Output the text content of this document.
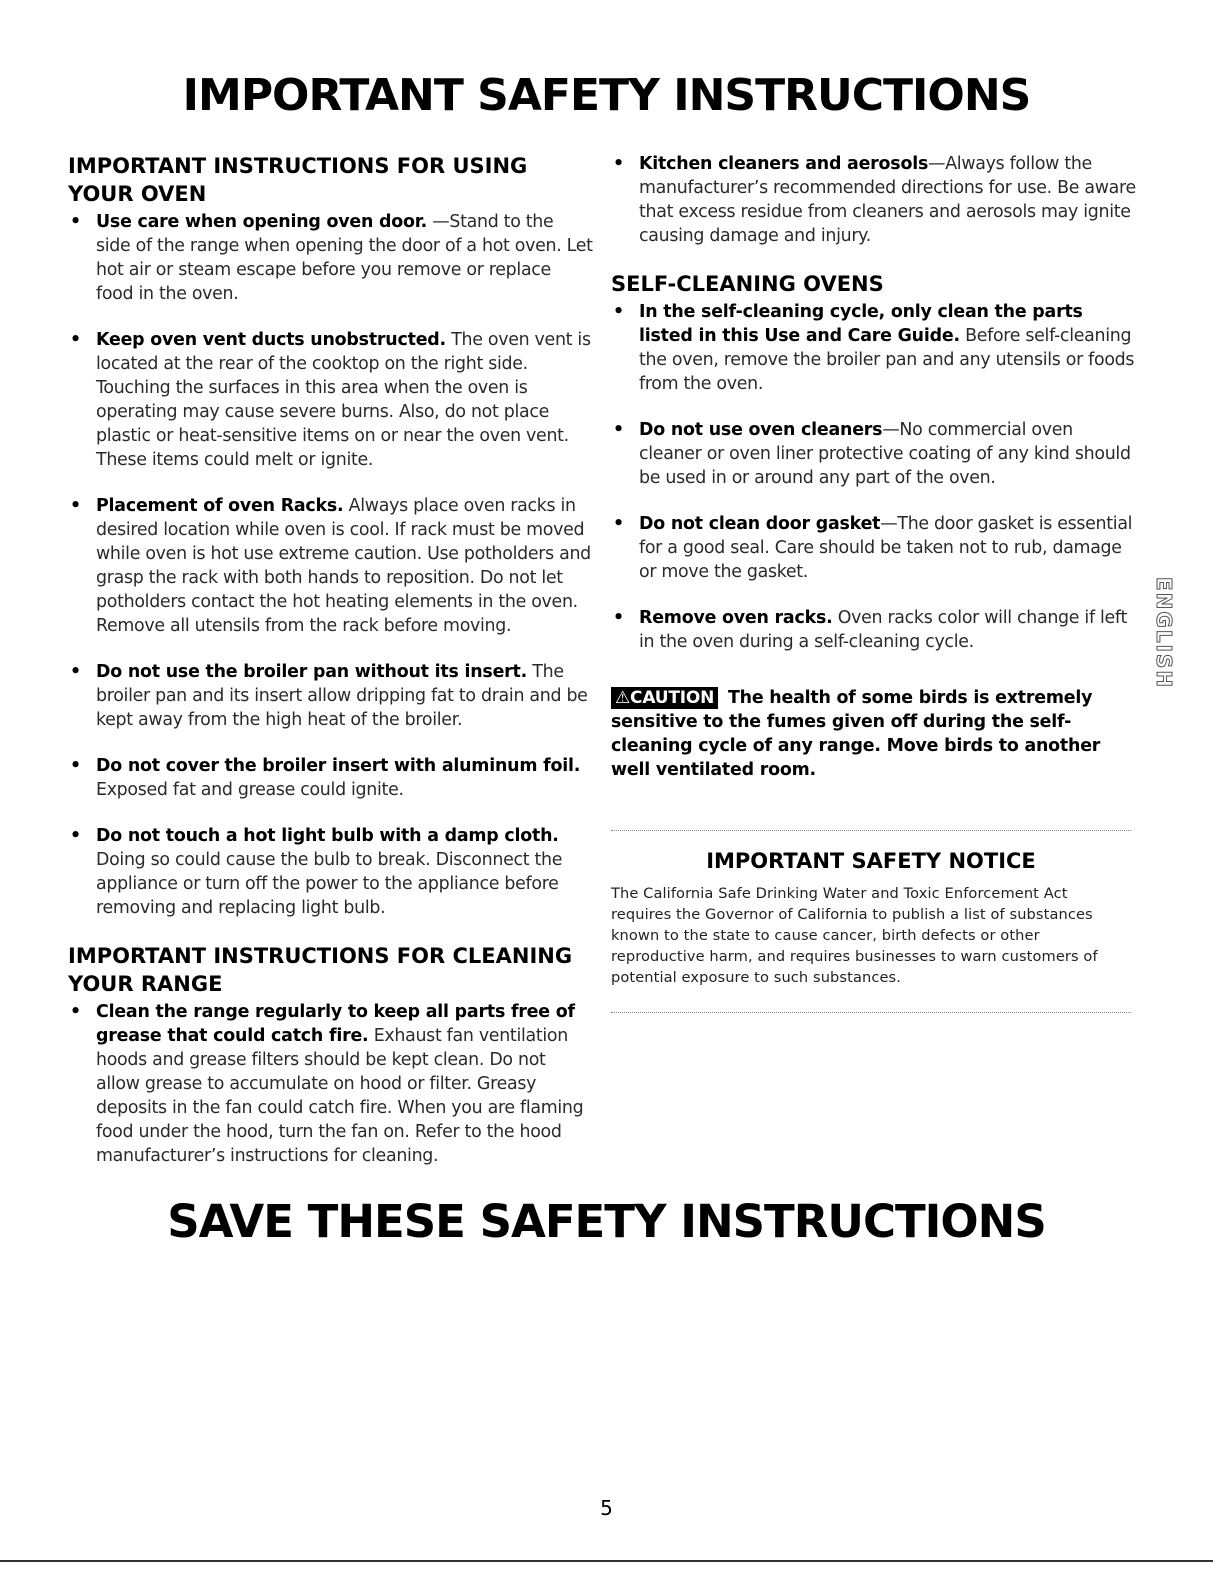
IMPORTANT SAFETY INSTRUCTIONS
IMPORTANT INSTRUCTIONS FOR USING YOUR OVEN
• Use care when opening oven door. —Stand to the side of the range when opening the door of a hot oven. Let hot air or steam escape before you remove or replace food in the oven.
• Keep oven vent ducts unobstructed. The oven vent is located at the rear of the cooktop on the right side. Touching the surfaces in this area when the oven is operating may cause severe burns. Also, do not place plastic or heat-sensitive items on or near the oven vent. These items could melt or ignite.
• Placement of oven Racks. Always place oven racks in desired location while oven is cool. If rack must be moved while oven is hot use extreme caution. Use potholders and grasp the rack with both hands to reposition. Do not let potholders contact the hot heating elements in the oven. Remove all utensils from the rack before moving.
• Do not use the broiler pan without its insert. The broiler pan and its insert allow dripping fat to drain and be kept away from the high heat of the broiler.
• Do not cover the broiler insert with aluminum foil. Exposed fat and grease could ignite.
• Do not touch a hot light bulb with a damp cloth. Doing so could cause the bulb to break. Disconnect the appliance or turn off the power to the appliance before removing and replacing light bulb.
IMPORTANT INSTRUCTIONS FOR CLEANING YOUR RANGE
• Clean the range regularly to keep all parts free of grease that could catch fire. Exhaust fan ventilation hoods and grease filters should be kept clean. Do not allow grease to accumulate on hood or filter. Greasy deposits in the fan could catch fire. When you are flaming food under the hood, turn the fan on. Refer to the hood manufacturer’s instructions for cleaning.
• Kitchen cleaners and aerosols—Always follow the manufacturer’s recommended directions for use. Be aware that excess residue from cleaners and aerosols may ignite causing damage and injury.
SELF-CLEANING OVENS
• In the self-cleaning cycle, only clean the parts listed in this Use and Care Guide. Before self-cleaning the oven, remove the broiler pan and any utensils or foods from the oven.
• Do not use oven cleaners—No commercial oven cleaner or oven liner protective coating of any kind should be used in or around any part of the oven.
• Do not clean door gasket—The door gasket is essential for a good seal. Care should be taken not to rub, damage or move the gasket.
• Remove oven racks. Oven racks color will change if left in the oven during a self-cleaning cycle.
⚠CAUTION The health of some birds is extremely sensitive to the fumes given off during the self-cleaning cycle of any range. Move birds to another well ventilated room.
IMPORTANT SAFETY NOTICE
The California Safe Drinking Water and Toxic Enforcement Act requires the Governor of California to publish a list of substances known to the state to cause cancer, birth defects or other reproductive harm, and requires businesses to warn customers of potential exposure to such substances.
ENGLISH
SAVE THESE SAFETY INSTRUCTIONS
5
